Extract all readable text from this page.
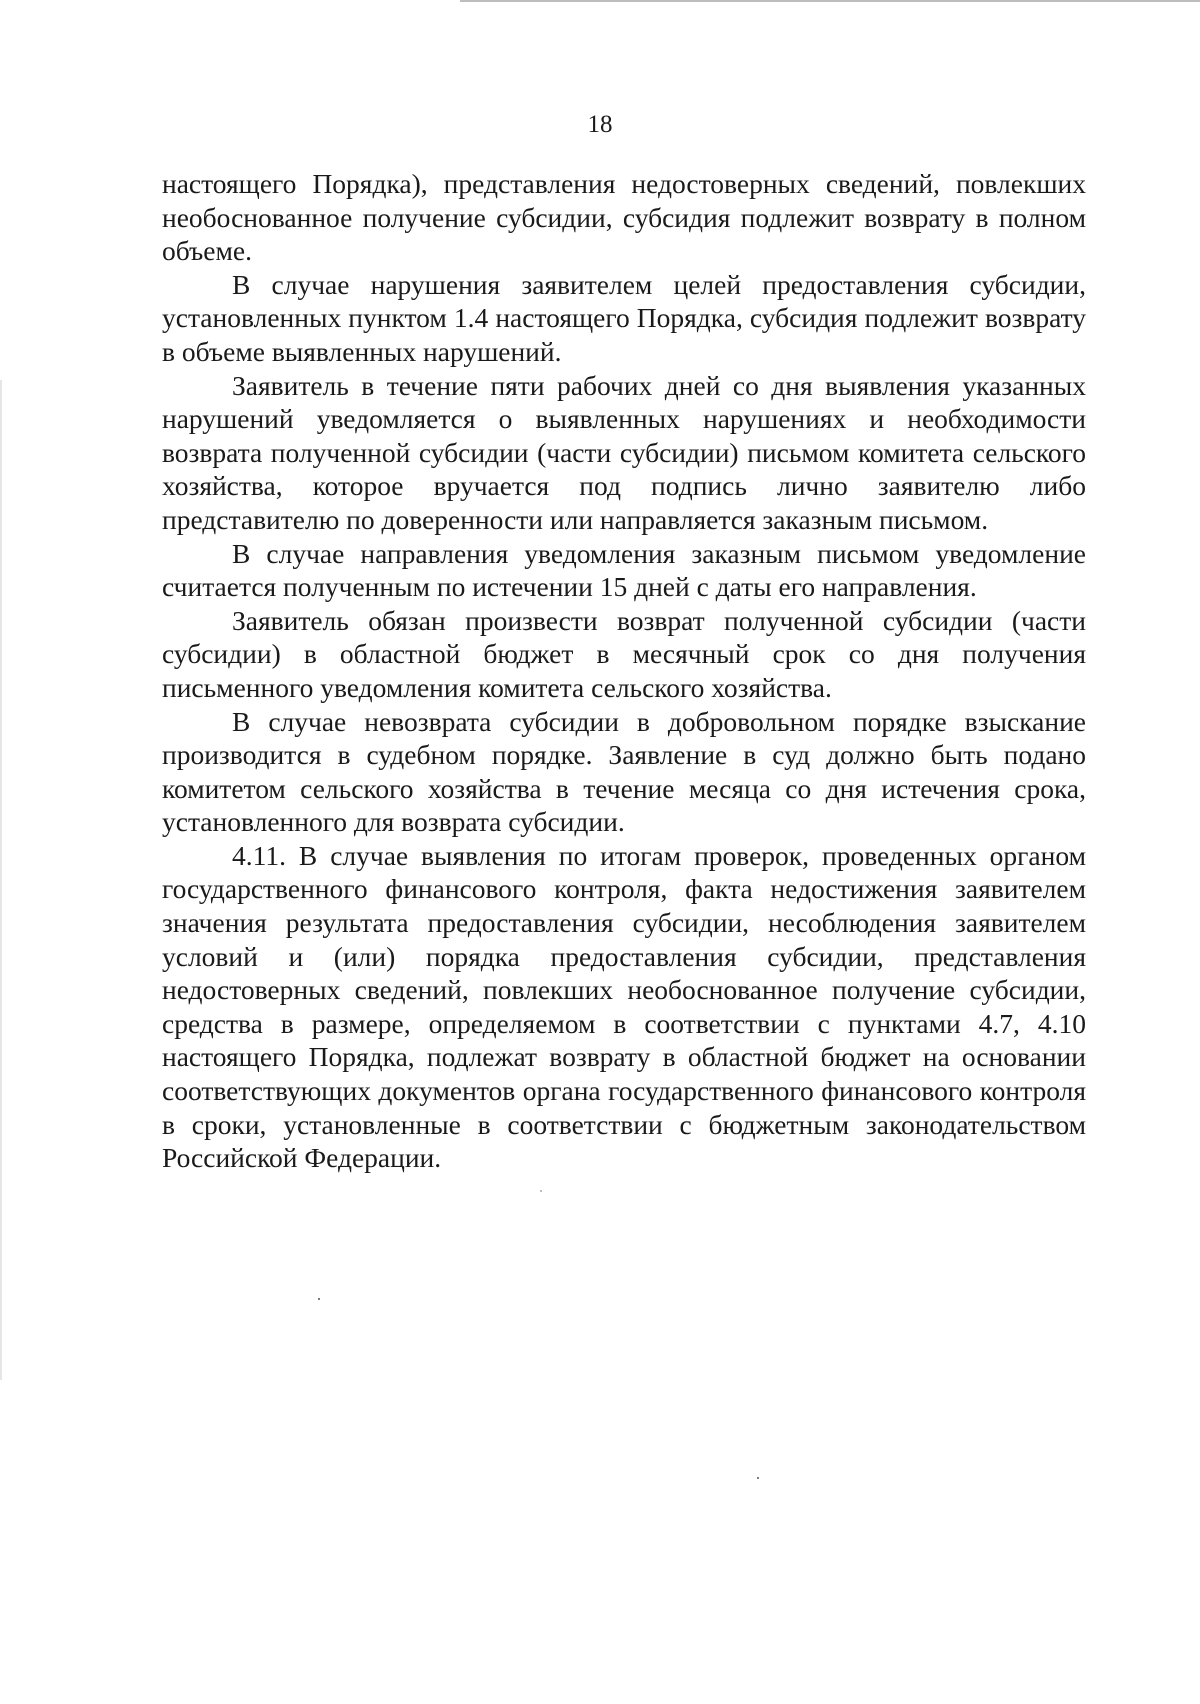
18

настоящего Порядка), представления недостоверных сведений, повлекших необоснованное получение субсидии, субсидия подлежит возврату в полном объеме.

В случае нарушения заявителем целей предоставления субсидии, установленных пунктом 1.4 настоящего Порядка, субсидия подлежит возврату в объеме выявленных нарушений.

Заявитель в течение пяти рабочих дней со дня выявления указанных нарушений уведомляется о выявленных нарушениях и необходимости возврата полученной субсидии (части субсидии) письмом комитета сельского хозяйства, которое вручается под подпись лично заявителю либо представителю по доверенности или направляется заказным письмом.

В случае направления уведомления заказным письмом уведомление считается полученным по истечении 15 дней с даты его направления.

Заявитель обязан произвести возврат полученной субсидии (части субсидии) в областной бюджет в месячный срок со дня получения письменного уведомления комитета сельского хозяйства.

В случае невозврата субсидии в добровольном порядке взыскание производится в судебном порядке. Заявление в суд должно быть подано комитетом сельского хозяйства в течение месяца со дня истечения срока, установленного для возврата субсидии.

4.11. В случае выявления по итогам проверок, проведенных органом государственного финансового контроля, факта недостижения заявителем значения результата предоставления субсидии, несоблюдения заявителем условий и (или) порядка предоставления субсидии, представления недостоверных сведений, повлекших необоснованное получение субсидии, средства в размере, определяемом в соответствии с пунктами 4.7, 4.10 настоящего Порядка, подлежат возврату в областной бюджет на основании соответствующих документов органа государственного финансового контроля в сроки, установленные в соответствии с бюджетным законодательством Российской Федерации.
